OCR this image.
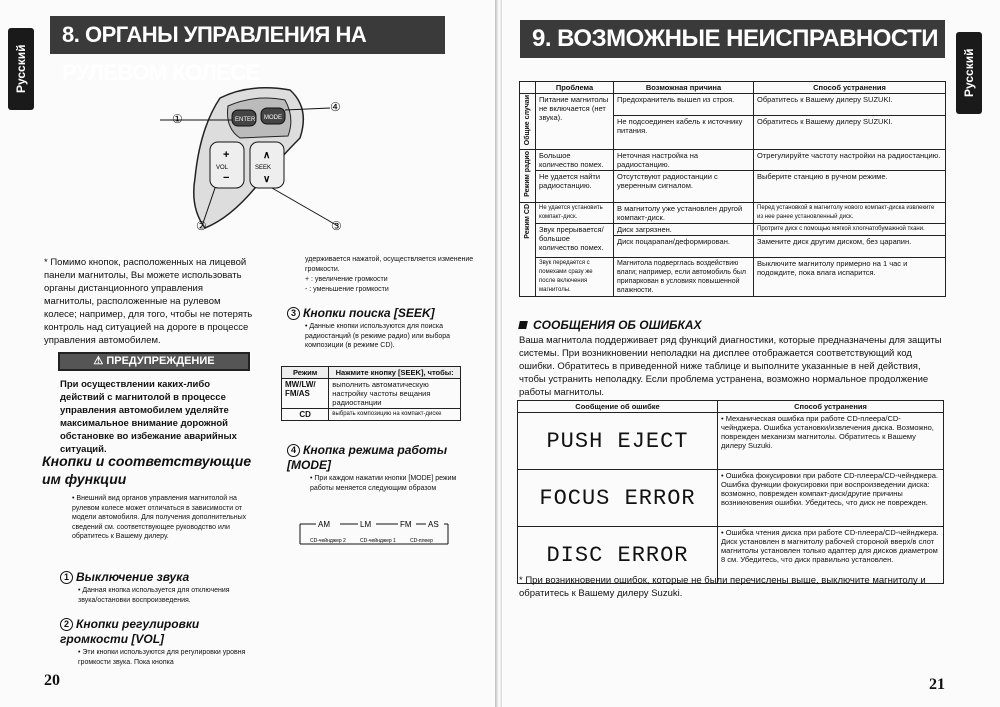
Русский
8. ОРГАНЫ УПРАВЛЕНИЯ НА РУЛЕВОМ КОЛЕСЕ
ENTER MODE
+
−
VOL
∧
∨
SEEK
①
④
②	③
* Помимо кнопок, расположенных на лицевой панели магнитолы, Вы можете использовать органы дистанционного управления магнитолы, расположенные на рулевом колесе; например, для того, чтобы не потерять контроль над ситуацией на дороге в процессе управления автомобилем.
⚠ ПРЕДУПРЕЖДЕНИЕ
При осуществлении каких-либо действий с магнитолой в процессе управления автомобилем уделяйте максимальное внимание дорожной обстановке во избежание аварийных ситуаций.
Кнопки и соответствующие им функции
• Внешний вид органов управления магнитолой на рулевом колесе может отличаться в зависимости от модели автомобиля. Для получения дополнительных сведений см. соответствующее руководство или обратитесь к Вашему дилеру.
1 Выключение звука
• Данная кнопка используется для отключения звука/остановки воспроизведения.
2 Кнопки регулировки громкости [VOL]
• Эти кнопки используются для регулировки уровня громкости звука. Пока кнопка
удерживается нажатой, осуществляется изменение громкости.
+ : увеличение громкости
- : уменьшение громкости
3 Кнопки поиска [SEEK]
• Данные кнопки используются для поиска радиостанций (в режиме радио) или выбора композиции (в режиме CD).
Режим	Нажмите кнопку [SEEK], чтобы:
MW/LW/ FM/AS	выполнить автоматическую настройку частоты вещания радиостанции
CD	выбрать композицию на компакт-диске
4 Кнопка режима работы [MODE]
• При каждом нажатии кнопки [MODE] режим работы меняется следующим образом
AM	LM	FM AS
CD-чейнджер 2	CD-чейнджер 1	CD-плеер
20
9. ВОЗМОЖНЫЕ НЕИСПРАВНОСТИ
Русский
21
	Проблема	Возможная причина	Способ устранения
Общие случаи	Питание магнитолы не включается (нет звука).	Предохранитель вышел из строя.	Обратитесь к Вашему дилеру SUZUKI.
		Не подсоединен кабель к источнику питания.	Обратитесь к Вашему дилеру SUZUKI.
Режим радио	Большое количество помех.	Неточная настройка на радиостанцию.	Отрегулируйте частоту настройки на радиостанцию.
	Не удается найти радиостанцию.	Отсутствуют радиостанции с уверенным сигналом.	Выберите станцию в ручном режиме.
Режим CD	Не удается установить компакт-диск.	В магнитолу уже установлен другой компакт-диск.	Перед установкой в магнитолу нового компакт-диска извлеките из нее ранее установленный диск.
	Звук прерывается/большое количество помех.	Диск загрязнен.	Протрите диск с помощью мягкой хлопчатобумажной ткани.
		Диск поцарапан/деформирован.	Замените диск другим диском, без царапин.
	Звук передается с помехами сразу же после включения магнитолы.	Магнитола подверглась воздействию влаги; например, если автомобиль был припаркован в условиях повышенной влажности.	Выключите магнитолу примерно на 1 час и подождите, пока влага испарится.
СООБЩЕНИЯ ОБ ОШИБКАХ
Ваша магнитола поддерживает ряд функций диагностики, которые предназначены для защиты системы. При возникновении неполадки на дисплее отображается соответствующий код ошибки. Обратитесь в приведенной ниже таблице и выполните указанные в ней действия, чтобы устранить неполадку. Если проблема устранена, возможно нормальное продолжение работы магнитолы.
Сообщение об ошибке	Способ устранения
PUSH EJECT	• Механическая ошибка при работе CD-плеера/CD-чейнджера. Ошибка установки/извлечения диска. Возможно, поврежден механизм магнитолы. Обратитесь к Вашему дилеру Suzuki.
FOCUS ERROR	• Ошибка фокусировки при работе CD-плеера/CD-чейнджера. Ошибка функции фокусировки при воспроизведении диска: возможно, поврежден компакт-диск/другие причины возникновения ошибки. Убедитесь, что диск не поврежден.
DISC ERROR	• Ошибка чтения диска при работе CD-плеера/CD-чейнджера. Диск установлен в магнитолу рабочей стороной вверх/в слот магнитолы установлен только адаптер для дисков диаметром 8 см. Убедитесь, что диск правильно установлен.
* При возникновении ошибок, которые не были перечислены выше, выключите магнитолу и обратитесь к Вашему дилеру Suzuki.
